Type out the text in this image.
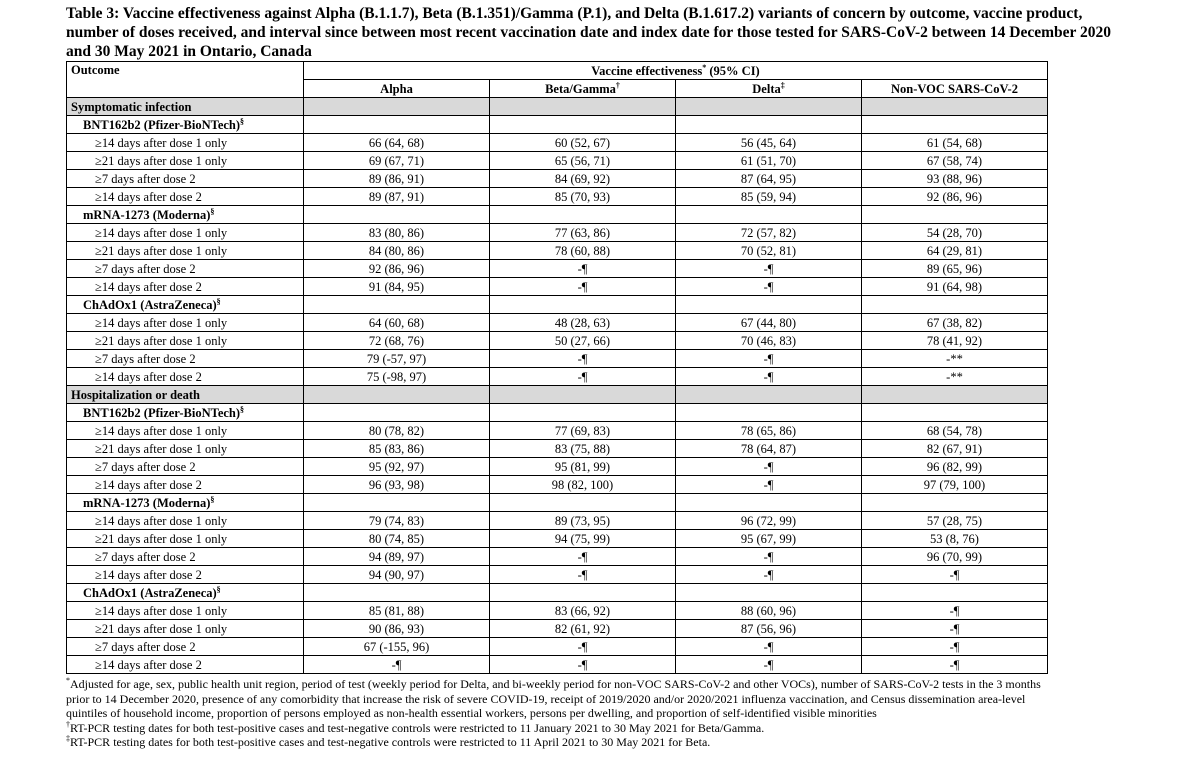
Table 3: Vaccine effectiveness against Alpha (B.1.1.7), Beta (B.1.351)/Gamma (P.1), and Delta (B.1.617.2) variants of concern by outcome, vaccine product, number of doses received, and interval since between most recent vaccination date and index date for those tested for SARS-CoV-2 between 14 December 2020 and 30 May 2021 in Ontario, Canada
Outcome	Vaccine effectiveness* (95% CI)			
	Alpha	Beta/Gamma†	Delta‡	Non-VOC SARS-CoV-2
Symptomatic infection				
BNT162b2 (Pfizer-BioNTech)§				
≥14 days after dose 1 only	66 (64, 68)	60 (52, 67)	56 (45, 64)	61 (54, 68)
≥21 days after dose 1 only	69 (67, 71)	65 (56, 71)	61 (51, 70)	67 (58, 74)
≥7 days after dose 2	89 (86, 91)	84 (69, 92)	87 (64, 95)	93 (88, 96)
≥14 days after dose 2	89 (87, 91)	85 (70, 93)	85 (59, 94)	92 (86, 96)
mRNA-1273 (Moderna)§				
≥14 days after dose 1 only	83 (80, 86)	77 (63, 86)	72 (57, 82)	54 (28, 70)
≥21 days after dose 1 only	84 (80, 86)	78 (60, 88)	70 (52, 81)	64 (29, 81)
≥7 days after dose 2	92 (86, 96)	-¶	-¶	89 (65, 96)
≥14 days after dose 2	91 (84, 95)	-¶	-¶	91 (64, 98)
ChAdOx1 (AstraZeneca)§				
≥14 days after dose 1 only	64 (60, 68)	48 (28, 63)	67 (44, 80)	67 (38, 82)
≥21 days after dose 1 only	72 (68, 76)	50 (27, 66)	70 (46, 83)	78 (41, 92)
≥7 days after dose 2	79 (-57, 97)	-¶	-¶	-**
≥14 days after dose 2	75 (-98, 97)	-¶	-¶	-**
Hospitalization or death				
BNT162b2 (Pfizer-BioNTech)§				
≥14 days after dose 1 only	80 (78, 82)	77 (69, 83)	78 (65, 86)	68 (54, 78)
≥21 days after dose 1 only	85 (83, 86)	83 (75, 88)	78 (64, 87)	82 (67, 91)
≥7 days after dose 2	95 (92, 97)	95 (81, 99)	-¶	96 (82, 99)
≥14 days after dose 2	96 (93, 98)	98 (82, 100)	-¶	97 (79, 100)
mRNA-1273 (Moderna)§				
≥14 days after dose 1 only	79 (74, 83)	89 (73, 95)	96 (72, 99)	57 (28, 75)
≥21 days after dose 1 only	80 (74, 85)	94 (75, 99)	95 (67, 99)	53 (8, 76)
≥7 days after dose 2	94 (89, 97)	-¶	-¶	96 (70, 99)
≥14 days after dose 2	94 (90, 97)	-¶	-¶	-¶
ChAdOx1 (AstraZeneca)§				
≥14 days after dose 1 only	85 (81, 88)	83 (66, 92)	88 (60, 96)	-¶
≥21 days after dose 1 only	90 (86, 93)	82 (61, 92)	87 (56, 96)	-¶
≥7 days after dose 2	67 (-155, 96)	-¶	-¶	-¶
≥14 days after dose 2	-¶	-¶	-¶	-¶

*Adjusted for age, sex, public health unit region, period of test (weekly period for Delta, and bi-weekly period for non-VOC SARS-CoV-2 and other VOCs), number of SARS-CoV-2 tests in the 3 months prior to 14 December 2020, presence of any comorbidity that increase the risk of severe COVID-19, receipt of 2019/2020 and/or 2020/2021 influenza vaccination, and Census dissemination area-level quintiles of household income, proportion of persons employed as non-health essential workers, persons per dwelling, and proportion of self-identified visible minorities

†RT-PCR testing dates for both test-positive cases and test-negative controls were restricted to 11 January 2021 to 30 May 2021 for Beta/Gamma.

‡RT-PCR testing dates for both test-positive cases and test-negative controls were restricted to 11 April 2021 to 30 May 2021 for Beta.
